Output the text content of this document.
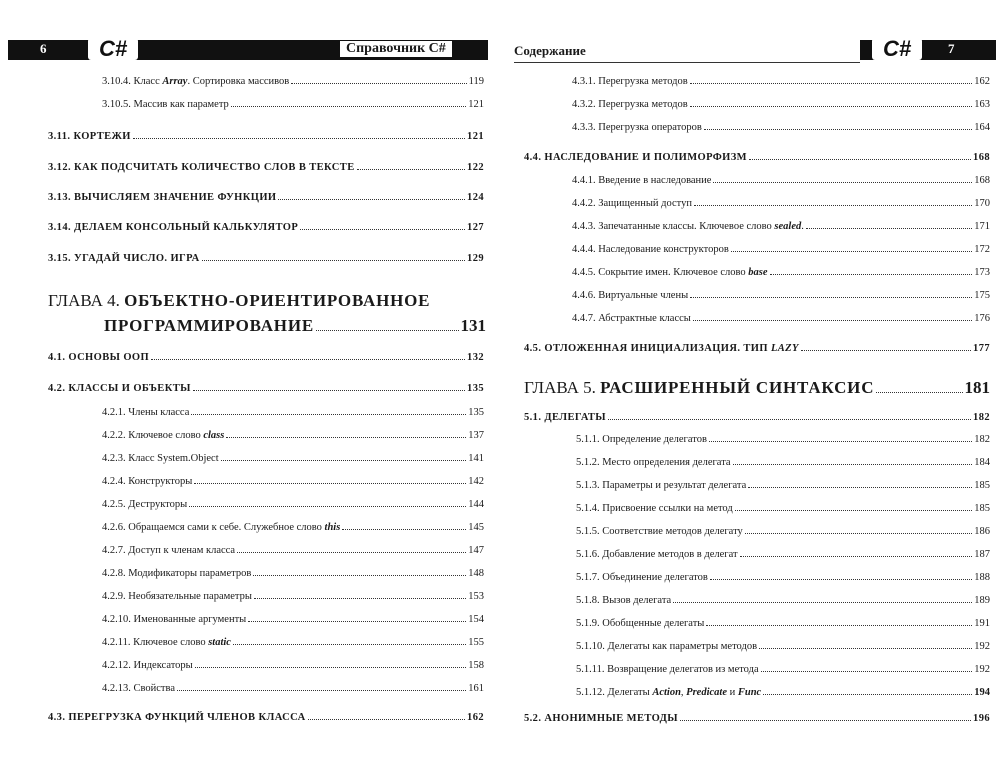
6	C#	Справочник C#
3.10.4. Класс Array. Сортировка массивов	119
3.10.5. Массив как параметр	121
3.11. КОРТЕЖИ	121
3.12. КАК ПОДСЧИТАТЬ КОЛИЧЕСТВО СЛОВ В ТЕКСТЕ	122
3.13. ВЫЧИСЛЯЕМ ЗНАЧЕНИЕ ФУНКЦИИ	124
3.14. ДЕЛАЕМ КОНСОЛЬНЫЙ КАЛЬКУЛЯТОР	127
3.15. УГАДАЙ ЧИСЛО. ИГРА	129
ГЛАВА 4. ОБЪЕКТНО-ОРИЕНТИРОВАННОЕ
ПРОГРАММИРОВАНИЕ	131
4.1. ОСНОВЫ ООП	132
4.2. КЛАССЫ И ОБЪЕКТЫ	135
4.2.1. Члены класса	135
4.2.2. Ключевое слово class	137
4.2.3. Класс System.Object	141
4.2.4. Конструкторы	142
4.2.5. Деструкторы	144
4.2.6. Обращаемся сами к себе. Служебное слово this	145
4.2.7. Доступ к членам класса	147
4.2.8. Модификаторы параметров	148
4.2.9. Необязательные параметры	153
4.2.10. Именованные аргументы	154
4.2.11. Ключевое слово static	155
4.2.12. Индексаторы	158
4.2.13. Свойства	161
4.3. ПЕРЕГРУЗКА ФУНКЦИЙ ЧЛЕНОВ КЛАССА	162
Содержание	C#	7
4.3.1. Перегрузка методов	162
4.3.2. Перегрузка методов	163
4.3.3. Перегрузка операторов	164
4.4. НАСЛЕДОВАНИЕ И ПОЛИМОРФИЗМ	168
4.4.1. Введение в наследование	168
4.4.2. Защищенный доступ	170
4.4.3. Запечатанные классы. Ключевое слово sealed.	171
4.4.4. Наследование конструкторов	172
4.4.5. Сокрытие имен. Ключевое слово base	173
4.4.6. Виртуальные члены	175
4.4.7. Абстрактные классы	176
4.5. ОТЛОЖЕННАЯ ИНИЦИАЛИЗАЦИЯ. ТИП LAZY	177
ГЛАВА 5. РАСШИРЕННЫЙ СИНТАКСИС	181
5.1. ДЕЛЕГАТЫ	182
5.1.1. Определение делегатов	182
5.1.2. Место определения делегата	184
5.1.3. Параметры и результат делегата	185
5.1.4. Присвоение ссылки на метод	185
5.1.5. Соответствие методов делегату	186
5.1.6. Добавление методов в делегат	187
5.1.7. Объединение делегатов	188
5.1.8. Вызов делегата	189
5.1.9. Обобщенные делегаты	191
5.1.10. Делегаты как параметры методов	192
5.1.11. Возвращение делегатов из метода	192
5.1.12. Делегаты Action, Predicate и Func	194
5.2. АНОНИМНЫЕ МЕТОДЫ	196
